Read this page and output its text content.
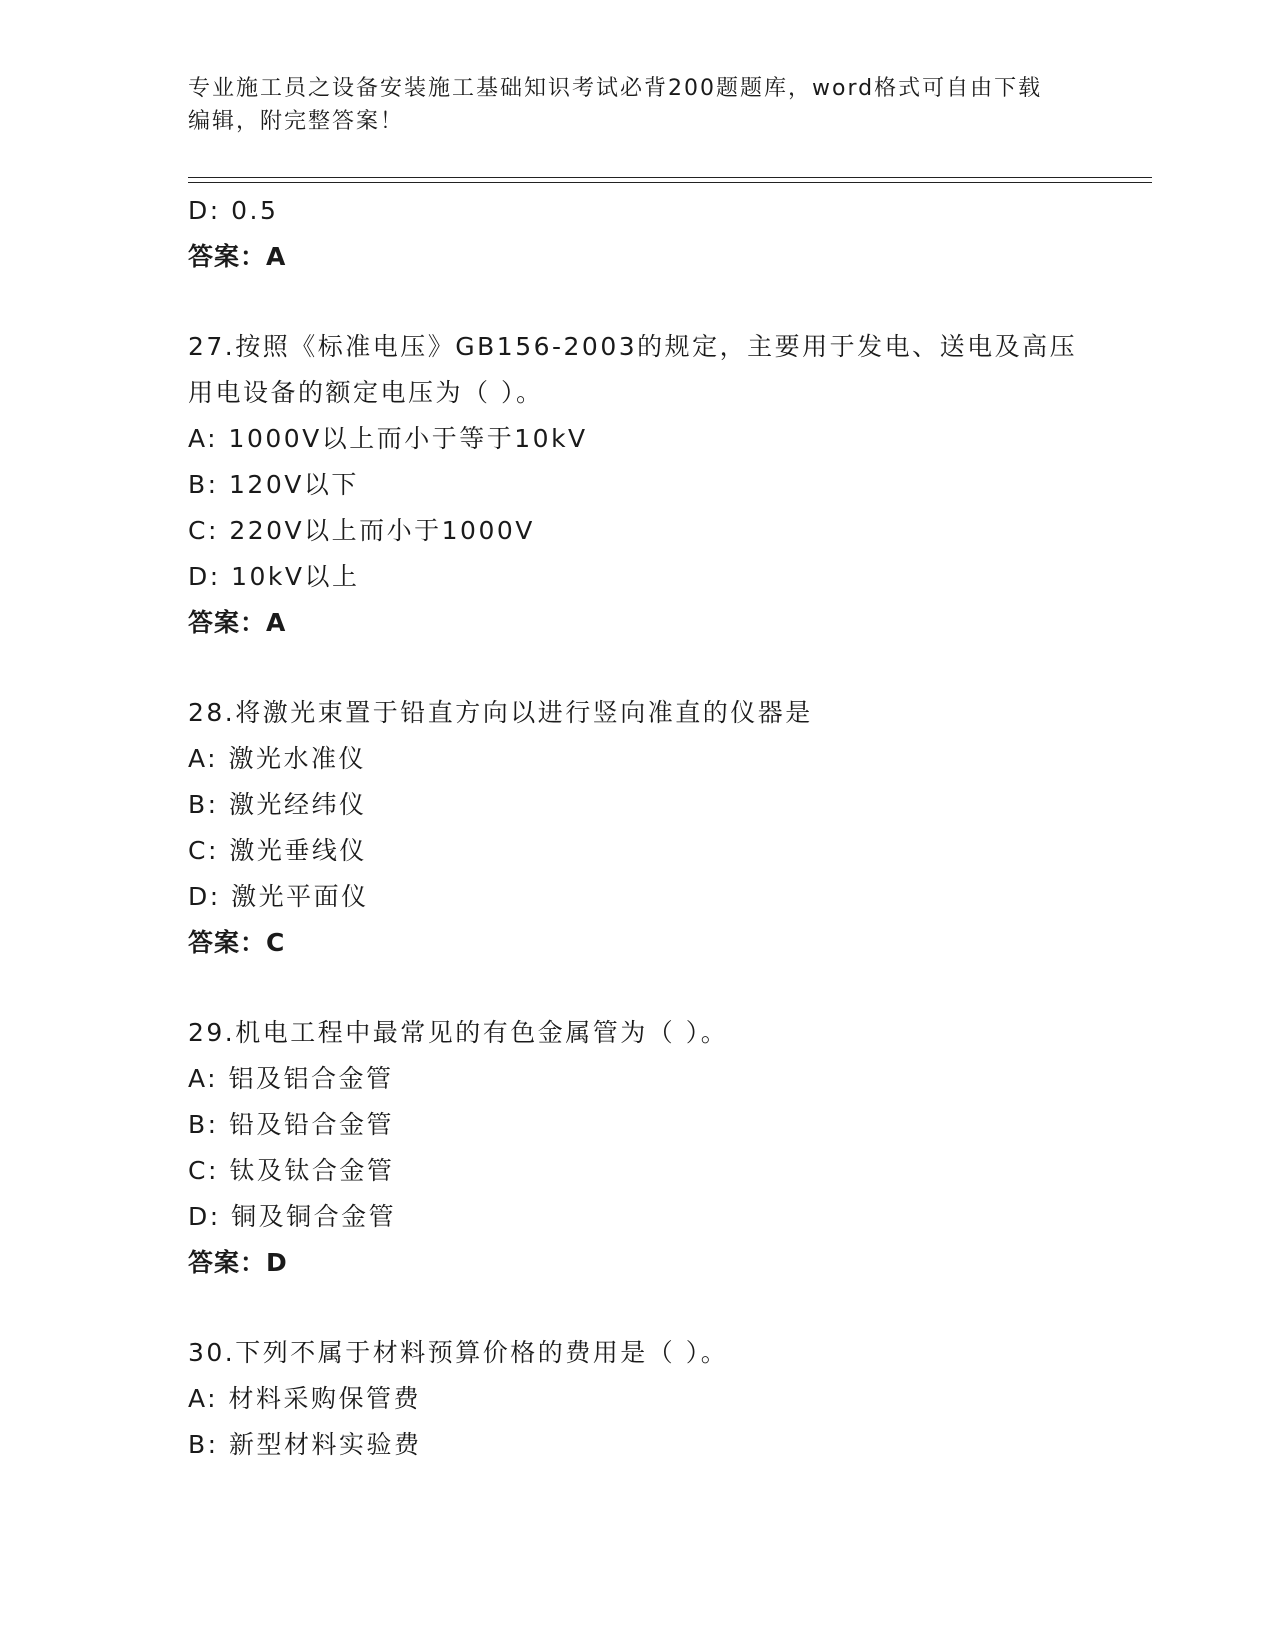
专业施工员之设备安装施工基础知识考试必背200题题库，word格式可自由下载
编辑，附完整答案！
D: 0.5
答案：A
27.按照《标准电压》GB156-2003的规定，主要用于发电、送电及高压
用电设备的额定电压为（ ）。
A: 1000V以上而小于等于10kV
B: 120V以下
C: 220V以上而小于1000V
D: 10kV以上
答案：A
28.将激光束置于铅直方向以进行竖向准直的仪器是
A: 激光水准仪
B: 激光经纬仪
C: 激光垂线仪
D: 激光平面仪
答案：C
29.机电工程中最常见的有色金属管为（ ）。
A: 铝及铝合金管
B: 铅及铅合金管
C: 钛及钛合金管
D: 铜及铜合金管
答案：D
30.下列不属于材料预算价格的费用是（ ）。
A: 材料采购保管费
B: 新型材料实验费
